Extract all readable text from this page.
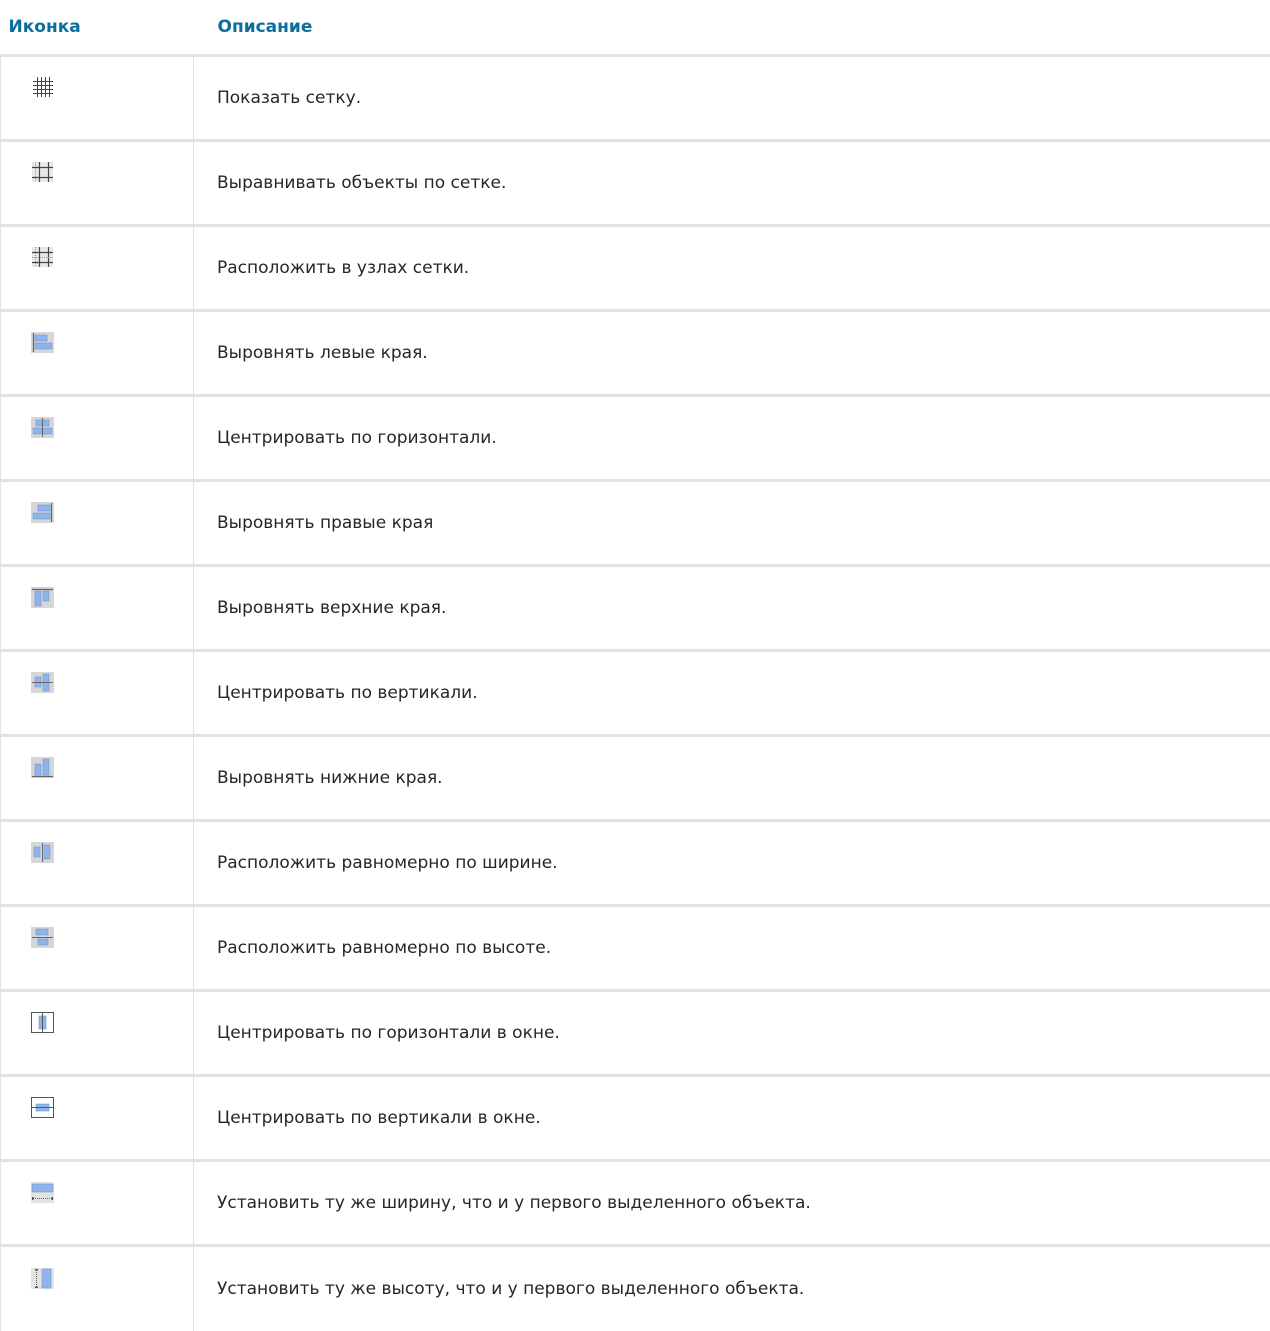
Иконка	Описание

	Показать сетку.

	Выравнивать объекты по сетке.

	Расположить в узлах сетки.

	Выровнять левые края.

	Центрировать по горизонтали.

	Выровнять правые края

	Выровнять верхние края.

	Центрировать по вертикали.

	Выровнять нижние края.

	Расположить равномерно по ширине.

	Расположить равномерно по высоте.

	Центрировать по горизонтали в окне.

	Центрировать по вертикали в окне.

	Установить ту же ширину, что и у первого выделенного объекта.

	Установить ту же высоту, что и у первого выделенного объекта.
